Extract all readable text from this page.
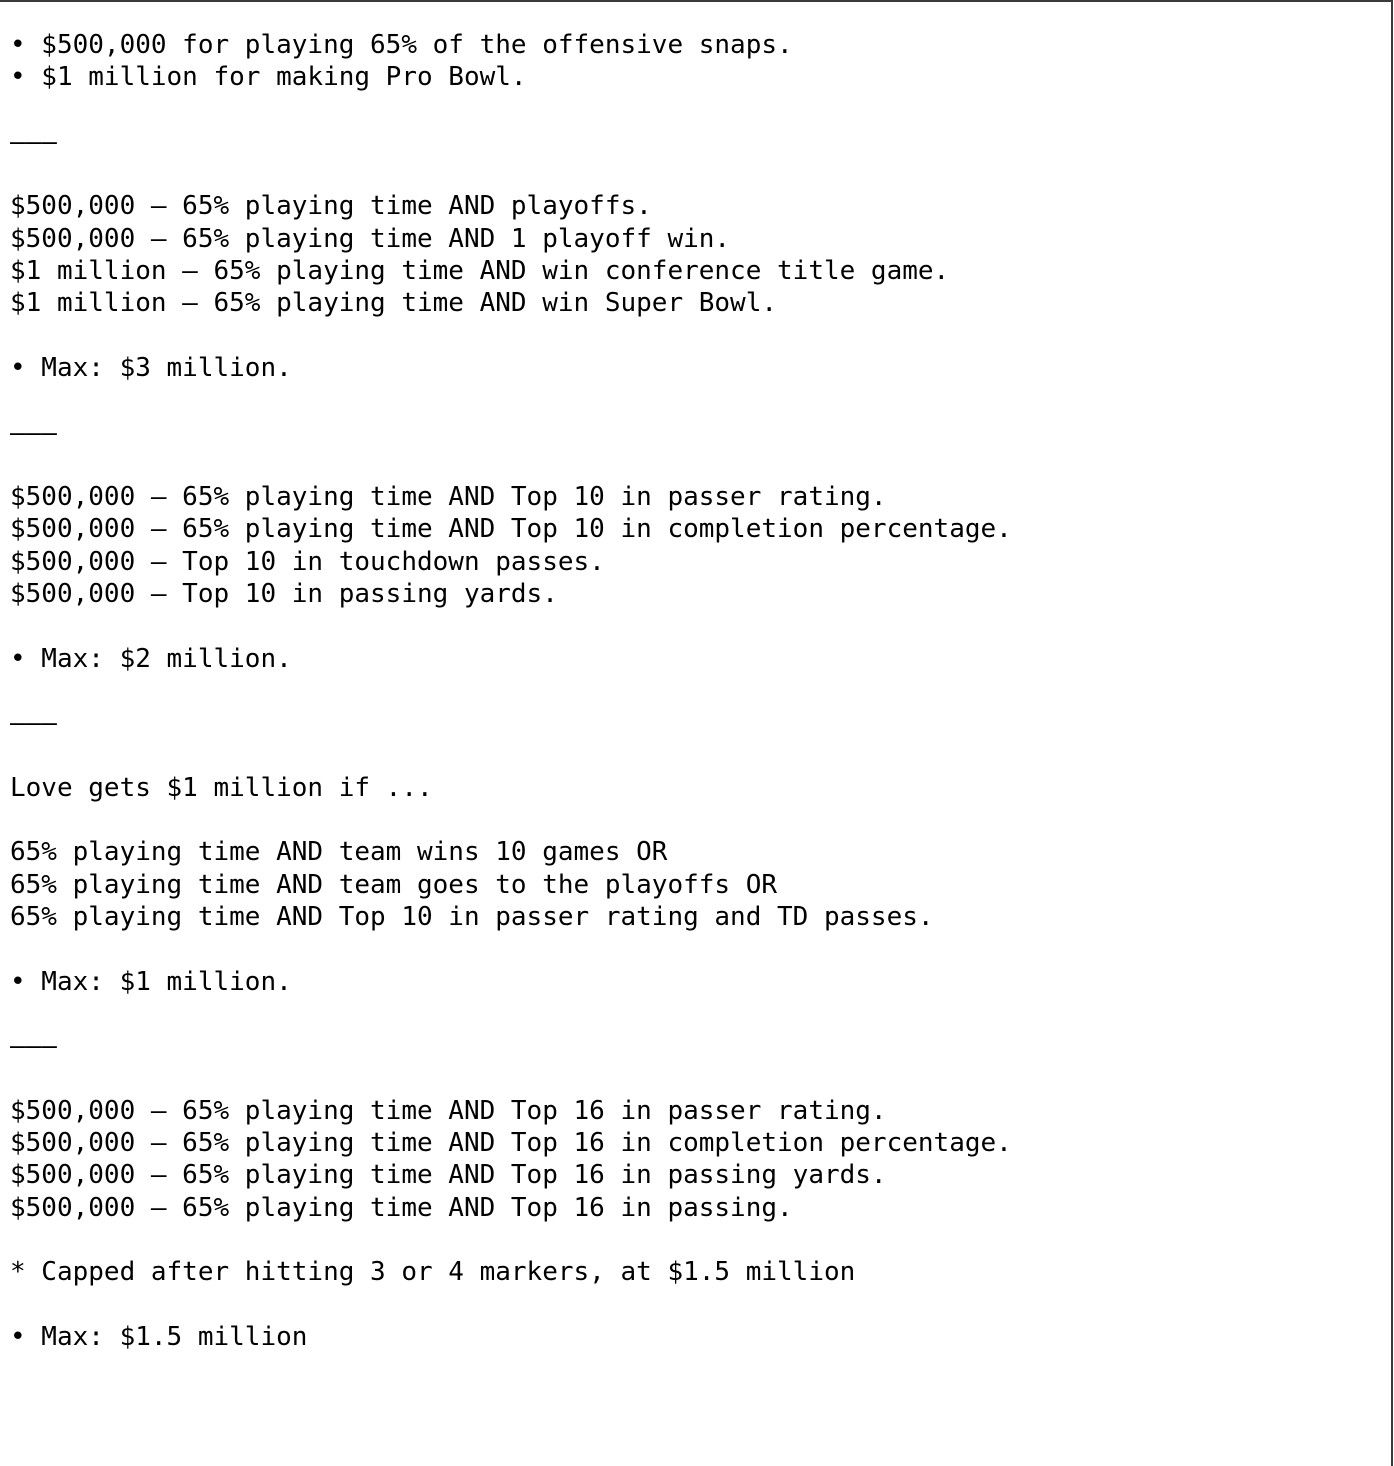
• $500,000 for playing 65% of the offensive snaps.
• $1 million for making Pro Bowl.
———
$500,000 — 65% playing time AND playoffs.
$500,000 — 65% playing time AND 1 playoff win.
$1 million — 65% playing time AND win conference title game.
$1 million — 65% playing time AND win Super Bowl.
• Max: $3 million.
———
$500,000 — 65% playing time AND Top 10 in passer rating.
$500,000 — 65% playing time AND Top 10 in completion percentage.
$500,000 — Top 10 in touchdown passes.
$500,000 — Top 10 in passing yards.
• Max: $2 million.
———
Love gets $1 million if ...
65% playing time AND team wins 10 games OR
65% playing time AND team goes to the playoffs OR
65% playing time AND Top 10 in passer rating and TD passes.
• Max: $1 million.
———
$500,000 — 65% playing time AND Top 16 in passer rating.
$500,000 — 65% playing time AND Top 16 in completion percentage.
$500,000 — 65% playing time AND Top 16 in passing yards.
$500,000 — 65% playing time AND Top 16 in passing.
* Capped after hitting 3 or 4 markers, at $1.5 million
• Max: $1.5 million
